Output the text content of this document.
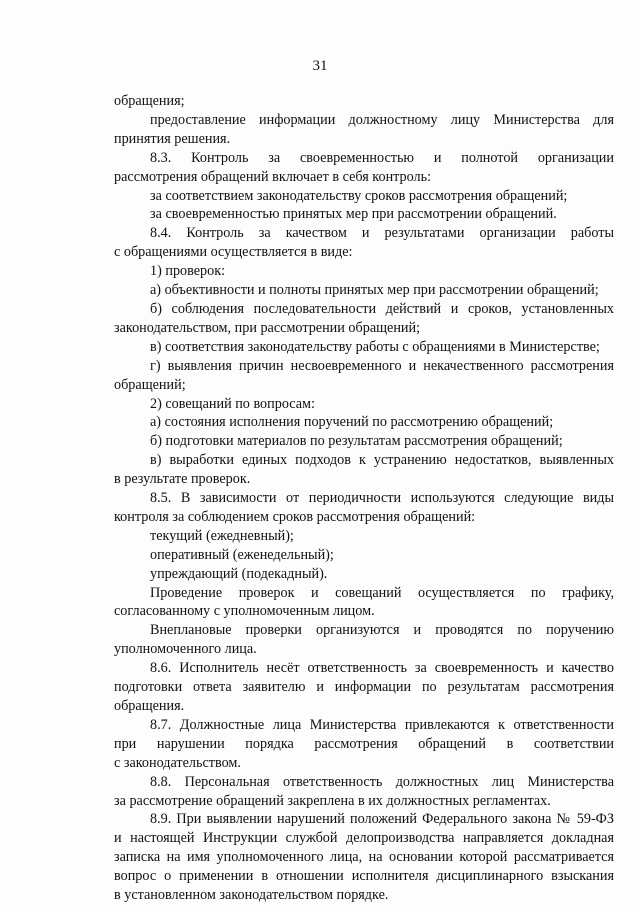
31
обращения;
предоставление информации должностному лицу Министерства для
принятия решения.
8.3. Контроль за своевременностью и полнотой организации
рассмотрения обращений включает в себя контроль:
за соответствием законодательству сроков рассмотрения обращений;
за своевременностью принятых мер при рассмотрении обращений.
8.4. Контроль за качеством и результатами организации работы
с обращениями осуществляется в виде:
1) проверок:
а) объективности и полноты принятых мер при рассмотрении обращений;
б) соблюдения последовательности действий и сроков, установленных
законодательством, при рассмотрении обращений;
в) соответствия законодательству работы с обращениями в Министерстве;
г) выявления причин несвоевременного и некачественного рассмотрения
обращений;
2) совещаний по вопросам:
а) состояния исполнения поручений по рассмотрению обращений;
б) подготовки материалов по результатам рассмотрения обращений;
в) выработки единых подходов к устранению недостатков, выявленных
в результате проверок.
8.5. В зависимости от периодичности используются следующие виды
контроля за соблюдением сроков рассмотрения обращений:
текущий (ежедневный);
оперативный (еженедельный);
упреждающий (подекадный).
Проведение проверок и совещаний осуществляется по графику,
согласованному с уполномоченным лицом.
Внеплановые проверки организуются и проводятся по поручению
уполномоченного лица.
8.6. Исполнитель несёт ответственность за своевременность и качество
подготовки ответа заявителю и информации по результатам рассмотрения
обращения.
8.7. Должностные лица Министерства привлекаются к ответственности
при нарушении порядка рассмотрения обращений в соответствии
с законодательством.
8.8. Персональная ответственность должностных лиц Министерства
за рассмотрение обращений закреплена в их должностных регламентах.
8.9. При выявлении нарушений положений Федерального закона № 59-ФЗ
и настоящей Инструкции службой делопроизводства направляется докладная
записка на имя уполномоченного лица, на основании которой рассматривается
вопрос о применении в отношении исполнителя дисциплинарного взыскания
в установленном законодательством порядке.
